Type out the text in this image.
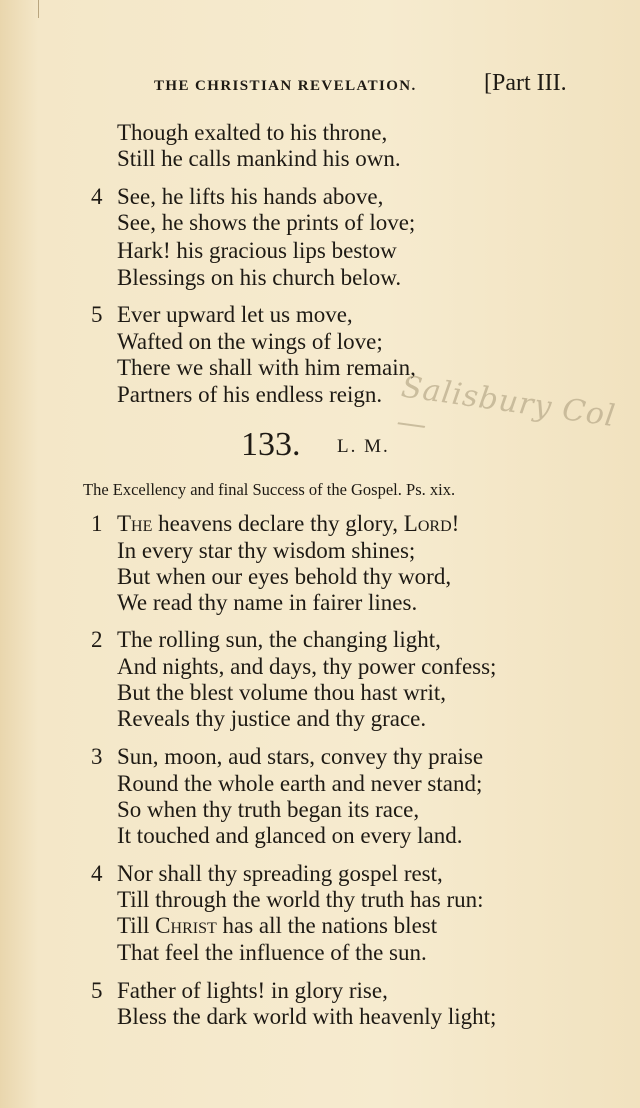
THE CHRISTIAN REVELATION.	[Part III.
Though exalted to his throne,
Still he calls mankind his own.
4 See, he lifts his hands above,
See, he shows the prints of love;
Hark! his gracious lips bestow
Blessings on his church below.
5 Ever upward let us move,
Wafted on the wings of love;
There we shall with him remain,
Partners of his endless reign. Salisbury Col—
133. L. M.
The Excellency and final Success of the Gospel. Ps. xix.
1 The heavens declare thy glory, Lord!
In every star thy wisdom shines;
But when our eyes behold thy word,
We read thy name in fairer lines.
2 The rolling sun, the changing light,
And nights, and days, thy power confess;
But the blest volume thou hast writ,
Reveals thy justice and thy grace.
3 Sun, moon, aud stars, convey thy praise
Round the whole earth and never stand;
So when thy truth began its race,
It touched and glanced on every land.
4 Nor shall thy spreading gospel rest,
Till through the world thy truth has run:
Till Christ has all the nations blest
That feel the influence of the sun.
5 Father of lights! in glory rise,
Bless the dark world with heavenly light;
